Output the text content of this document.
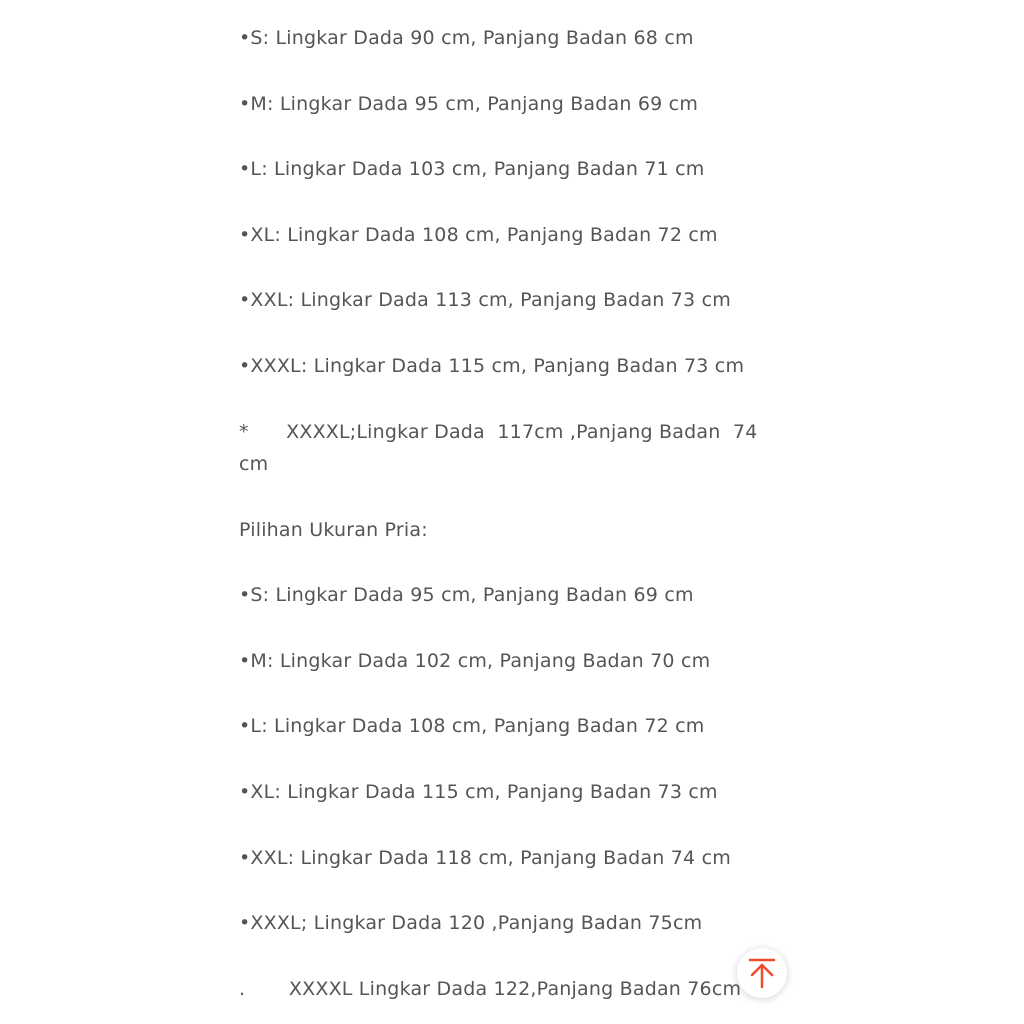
•S: Lingkar Dada 90 cm, Panjang Badan 68 cm
•M: Lingkar Dada 95 cm, Panjang Badan 69 cm
•L: Lingkar Dada 103 cm, Panjang Badan 71 cm
•XL: Lingkar Dada 108 cm, Panjang Badan 72 cm
•XXL: Lingkar Dada 113 cm, Panjang Badan 73 cm
•XXXL: Lingkar Dada 115 cm, Panjang Badan 73 cm
*      XXXXL;Lingkar Dada  117cm ,Panjang Badan  74 cm
Pilihan Ukuran Pria:
•S: Lingkar Dada 95 cm, Panjang Badan 69 cm
•M: Lingkar Dada 102 cm, Panjang Badan 70 cm
•L: Lingkar Dada 108 cm, Panjang Badan 72 cm
•XL: Lingkar Dada 115 cm, Panjang Badan 73 cm
•XXL: Lingkar Dada 118 cm, Panjang Badan 74 cm
•XXXL; Lingkar Dada 120 ,Panjang Badan 75cm
.       XXXXL Lingkar Dada 122,Panjang Badan 76cm
